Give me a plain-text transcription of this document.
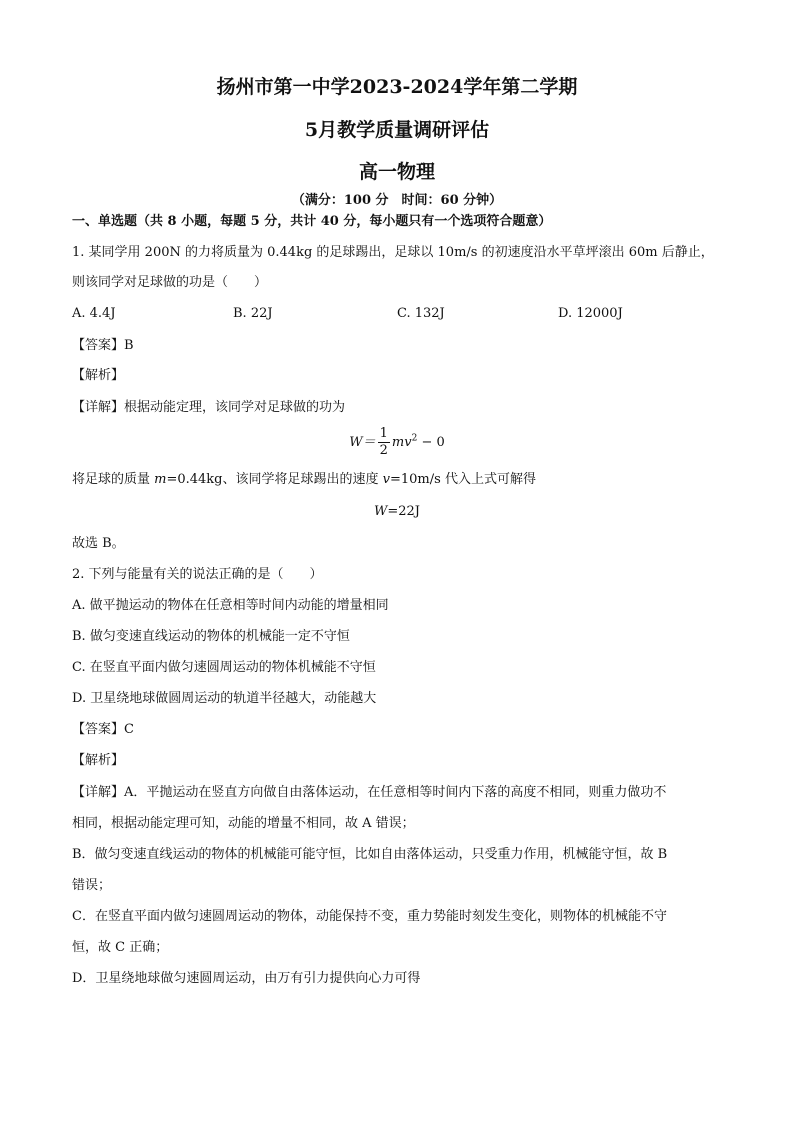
扬州市第一中学2023-2024学年第二学期
5月教学质量调研评估
高一物理
（满分：100 分　时间：60 分钟）
一、单选题（共 8 小题，每题 5 分，共计 40 分，每小题只有一个选项符合题意）
1. 某同学用 200N 的力将质量为 0.44kg 的足球踢出，足球以 10m/s 的初速度沿水平草坪滚出 60m 后静止，
则该同学对足球做的功是（　　）
A. 4.4J	B. 22J	C. 132J	D. 12000J
【答案】B
【解析】
【详解】根据动能定理，该同学对足球做的功为
$W= \frac{1}{2} mv^2 - 0$
将足球的质量 m=0.44kg、该同学将足球踢出的速度 v=10m/s 代入上式可解得
W=22J
故选 B。
2. 下列与能量有关的说法正确的是（　　）
A. 做平抛运动的物体在任意相等时间内动能的增量相同
B. 做匀变速直线运动的物体的机械能一定不守恒
C. 在竖直平面内做匀速圆周运动的物体机械能不守恒
D. 卫星绕地球做圆周运动的轨道半径越大，动能越大
【答案】C
【解析】
【详解】A．平抛运动在竖直方向做自由落体运动，在任意相等时间内下落的高度不相同，则重力做功不
相同，根据动能定理可知，动能的增量不相同，故 A 错误；
B．做匀变速直线运动的物体的机械能可能守恒，比如自由落体运动，只受重力作用，机械能守恒，故 B
错误；
C．在竖直平面内做匀速圆周运动的物体，动能保持不变，重力势能时刻发生变化，则物体的机械能不守
恒，故 C 正确；
D．卫星绕地球做匀速圆周运动，由万有引力提供向心力可得
